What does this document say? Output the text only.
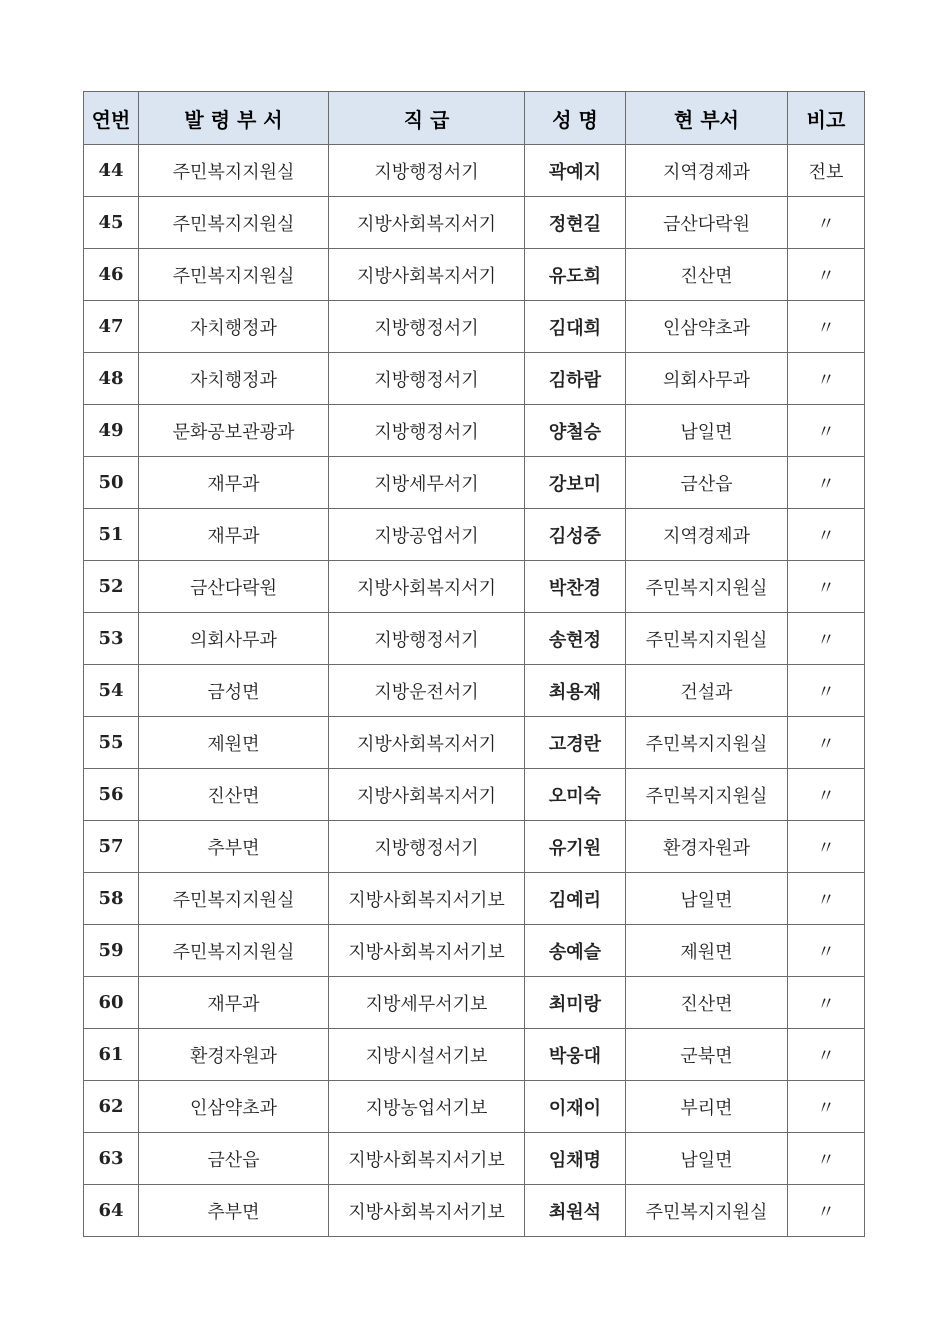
연번	발 령 부 서	직 급	성 명	현 부서	비고
44	주민복지지원실	지방행정서기	곽예지	지역경제과	전보
45	주민복지지원실	지방사회복지서기	정현길	금산다락원	〃
46	주민복지지원실	지방사회복지서기	유도희	진산면	〃
47	자치행정과	지방행정서기	김대희	인삼약초과	〃
48	자치행정과	지방행정서기	김하람	의회사무과	〃
49	문화공보관광과	지방행정서기	양철승	남일면	〃
50	재무과	지방세무서기	강보미	금산읍	〃
51	재무과	지방공업서기	김성중	지역경제과	〃
52	금산다락원	지방사회복지서기	박찬경	주민복지지원실	〃
53	의회사무과	지방행정서기	송현정	주민복지지원실	〃
54	금성면	지방운전서기	최용재	건설과	〃
55	제원면	지방사회복지서기	고경란	주민복지지원실	〃
56	진산면	지방사회복지서기	오미숙	주민복지지원실	〃
57	추부면	지방행정서기	유기원	환경자원과	〃
58	주민복지지원실	지방사회복지서기보	김예리	남일면	〃
59	주민복지지원실	지방사회복지서기보	송예슬	제원면	〃
60	재무과	지방세무서기보	최미랑	진산면	〃
61	환경자원과	지방시설서기보	박웅대	군북면	〃
62	인삼약초과	지방농업서기보	이재이	부리면	〃
63	금산읍	지방사회복지서기보	임채명	남일면	〃
64	추부면	지방사회복지서기보	최원석	주민복지지원실	〃
